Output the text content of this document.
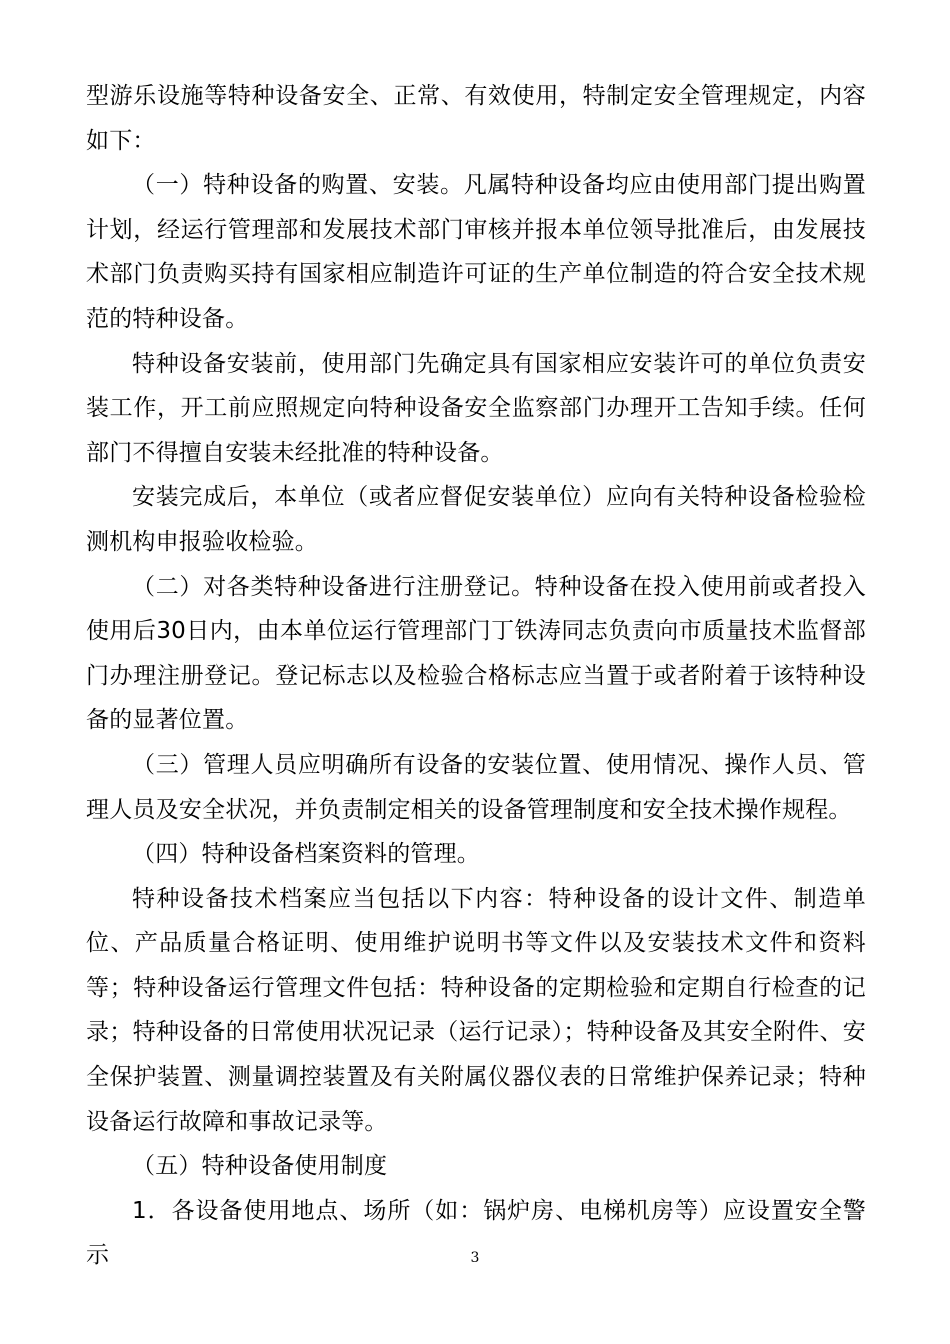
型游乐设施等特种设备安全、正常、有效使用，特制定安全管理规定，内容如下：

（一）特种设备的购置、安装。凡属特种设备均应由使用部门提出购置计划，经运行管理部和发展技术部门审核并报本单位领导批准后，由发展技术部门负责购买持有国家相应制造许可证的生产单位制造的符合安全技术规范的特种设备。

特种设备安装前，使用部门先确定具有国家相应安装许可的单位负责安装工作，开工前应照规定向特种设备安全监察部门办理开工告知手续。任何部门不得擅自安装未经批准的特种设备。

安装完成后，本单位（或者应督促安装单位）应向有关特种设备检验检测机构申报验收检验。

（二）对各类特种设备进行注册登记。特种设备在投入使用前或者投入使用后30日内，由本单位运行管理部门丁铁涛同志负责向市质量技术监督部门办理注册登记。登记标志以及检验合格标志应当置于或者附着于该特种设备的显著位置。

（三）管理人员应明确所有设备的安装位置、使用情况、操作人员、管理人员及安全状况，并负责制定相关的设备管理制度和安全技术操作规程。

（四）特种设备档案资料的管理。

特种设备技术档案应当包括以下内容：特种设备的设计文件、制造单位、产品质量合格证明、使用维护说明书等文件以及安装技术文件和资料等；特种设备运行管理文件包括：特种设备的定期检验和定期自行检查的记录；特种设备的日常使用状况记录（运行记录）；特种设备及其安全附件、安全保护装置、测量调控装置及有关附属仪器仪表的日常维护保养记录；特种设备运行故障和事故记录等。

（五）特种设备使用制度

1．各设备使用地点、场所（如：锅炉房、电梯机房等）应设置安全警示	3
